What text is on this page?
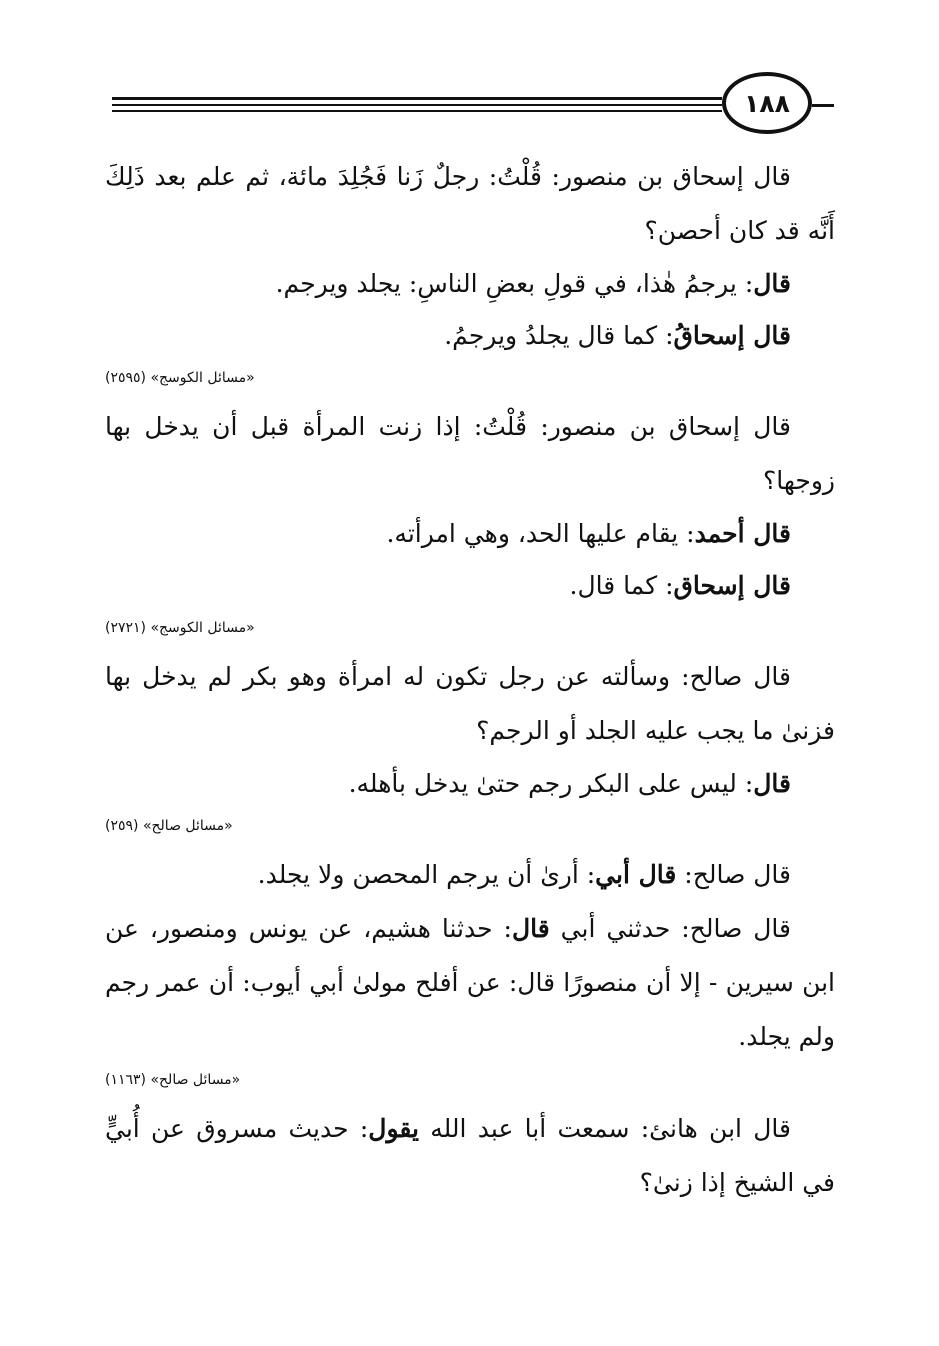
١٨٨

قال إسحاق بن منصور: قُلْتُ: رجلٌ زَنا فَجُلِدَ مائة، ثم علم بعد ذَلِكَ أَنَّه قد كان أحصن؟

قال: يرجمُ هٰذا، في قولِ بعضِ الناسِ: يجلد ويرجم.

قال إسحاقُ: كما قال يجلدُ ويرجمُ.

«مسائل الكوسج» (٢٥٩٥)

قال إسحاق بن منصور: قُلْتُ: إذا زنت المرأة قبل أن يدخل بها زوجها؟

قال أحمد: يقام عليها الحد، وهي امرأته.

قال إسحاق: كما قال.

«مسائل الكوسج» (٢٧٢١)

قال صالح: وسألته عن رجل تكون له امرأة وهو بكر لم يدخل بها فزنىٰ ما يجب عليه الجلد أو الرجم؟

قال: ليس على البكر رجم حتىٰ يدخل بأهله.

«مسائل صالح» (٢٥٩)

قال صالح: قال أبي: أرىٰ أن يرجم المحصن ولا يجلد.

قال صالح: حدثني أبي قال: حدثنا هشيم، عن يونس ومنصور، عن ابن سيرين - إلا أن منصورًا قال: عن أفلح مولىٰ أبي أيوب: أن عمر رجم ولم يجلد.

«مسائل صالح» (١١٦٣)

قال ابن هانئ: سمعت أبا عبد الله يقول: حديث مسروق عن أُبيٍّ في الشيخ إذا زنىٰ؟
